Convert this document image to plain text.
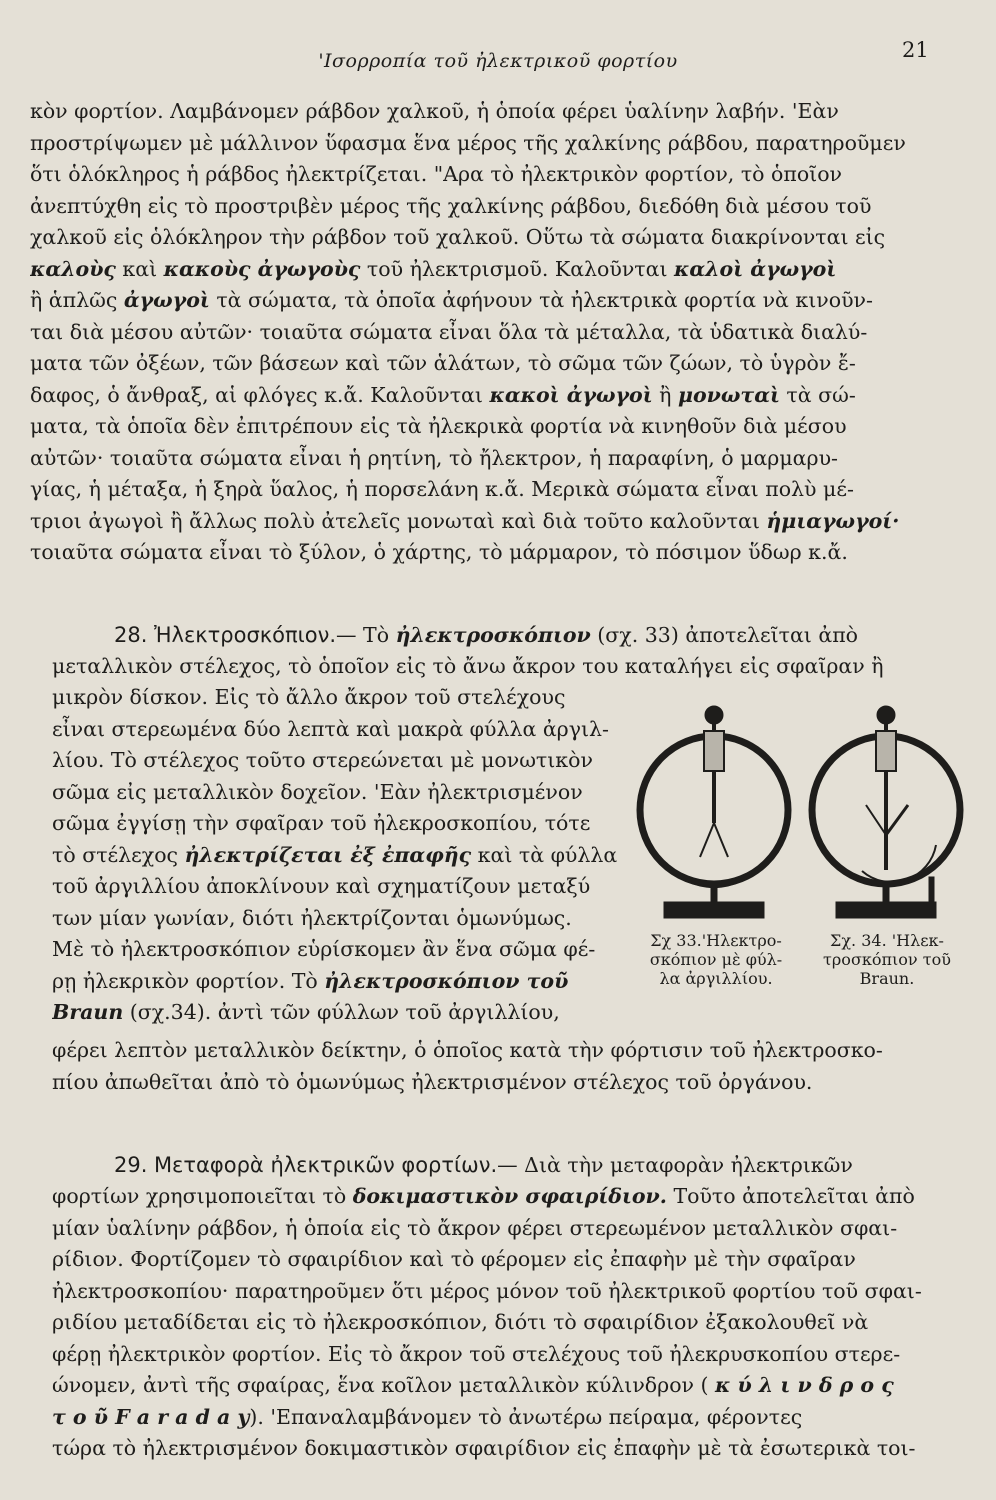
'Ισορροπία τοῦ ἠλεκτρικοῦ φορτίου	21
κὸν φορτίον. Λαμβάνομεν ράβδον χαλκοῦ, ἡ ὁποία φέρει ὑαλίνην λαβήν. 'Εὰν
προστρίψωμεν μὲ μάλλινον ὕφασμα ἕνα μέρος τῆς χαλκίνης ράβδου, παρατηροῦμεν
ὅτι ὁλόκληρος ἡ ράβδος ἠλεκτρίζεται. "Αρα τὸ ἠλεκτρικὸν φορτίον, τὸ ὁποῖον
ἀνεπτύχθη εἰς τὸ προστριβὲν μέρος τῆς χαλκίνης ράβδου, διεδόθη διὰ μέσου τοῦ
χαλκοῦ εἰς ὁλόκληρον τὴν ράβδον τοῦ χαλκοῦ. Οὕτω τὰ σώματα διακρίνονται εἰς
καλοὺς καὶ κακοὺς ἀγωγοὺς τοῦ ἠλεκτρισμοῦ. Καλοῦνται καλοὶ ἀγωγοὶ
ἢ ἁπλῶς ἀγωγοὶ τὰ σώματα, τὰ ὁποῖα ἀφήνουν τὰ ἠλεκτρικὰ φορτία νὰ κινοῦν-
ται διὰ μέσου αὐτῶν· τοιαῦτα σώματα εἶναι ὅλα τὰ μέταλλα, τὰ ὑδατικὰ διαλύ-
ματα τῶν ὀξέων, τῶν βάσεων καὶ τῶν ἁλάτων, τὸ σῶμα τῶν ζώων, τὸ ὑγρὸν ἔ-
δαφος, ὁ ἄνθραξ, αἱ φλόγες κ.ἄ. Καλοῦνται κακοὶ ἀγωγοὶ ἢ μονωταὶ τὰ σώ-
ματα, τὰ ὁποῖα δὲν ἐπιτρέπουν εἰς τὰ ἠλεκρικὰ φορτία νὰ κινηθοῦν διὰ μέσου
αὐτῶν· τοιαῦτα σώματα εἶναι ἡ ρητίνη, τὸ ἤλεκτρον, ἡ παραφίνη, ὁ μαρμαρυ-
γίας, ἡ μέταξα, ἡ ξηρὰ ὕαλος, ἡ πορσελάνη κ.ἄ. Μερικὰ σώματα εἶναι πολὺ μέ-
τριοι ἀγωγοὶ ἢ ἄλλως πολὺ ἀτελεῖς μονωταὶ καὶ διὰ τοῦτο καλοῦνται ἡμιαγωγοί·
τοιαῦτα σώματα εἶναι τὸ ξύλον, ὁ χάρτης, τὸ μάρμαρον, τὸ πόσιμον ὕδωρ κ.ἄ.
28. Ἠλεκτροσκόπιον.— Τὸ ἠλεκτροσκόπιον (σχ. 33) ἀποτελεῖται ἀπὸ
μεταλλικὸν στέλεχος, τὸ ὁποῖον εἰς τὸ ἄνω ἄκρον του καταλήγει εἰς σφαῖραν ἢ
μικρὸν δίσκον. Εἰς τὸ ἄλλο ἄκρον τοῦ στελέχους
εἶναι στερεωμένα δύο λεπτὰ καὶ μακρὰ φύλλα ἀργιλ-
λίου. Τὸ στέλεχος τοῦτο στερεώνεται μὲ μονωτικὸν
σῶμα εἰς μεταλλικὸν δοχεῖον. 'Εὰν ἠλεκτρισμένον
σῶμα ἐγγίσῃ τὴν σφαῖραν τοῦ ἠλεκροσκοπίου, τότε
τὸ στέλεχος ἠλεκτρίζεται ἐξ ἐπαφῆς καὶ τὰ φύλλα
τοῦ ἀργιλλίου ἀποκλίνουν καὶ σχηματίζουν μεταξύ
των μίαν γωνίαν, διότι ἠλεκτρίζονται ὁμωνύμως.
Μὲ τὸ ἠλεκτροσκόπιον εὑρίσκομεν ἂν ἕνα σῶμα φέ-
ρῃ ἠλεκρικὸν φορτίον. Τὸ ἠλεκτροσκόπιον τοῦ
Braun (σχ.34). ἀντὶ τῶν φύλλων τοῦ ἀργιλλίου,
φέρει λεπτὸν μεταλλικὸν δείκτην, ὁ ὁποῖος κατὰ τὴν φόρτισιν τοῦ ἠλεκτροσκο-
πίου ἀπωθεῖται ἀπὸ τὸ ὁμωνύμως ἠλεκτρισμένον στέλεχος τοῦ ὀργάνου.
Σχ 33.'Ηλεκτρο-
σκόπιον μὲ φύλ-
λα ἀργιλλίου.
Σχ. 34. 'Ηλεκ-
τροσκόπιον τοῦ
Braun.
29. Μεταφορὰ ἠλεκτρικῶν φορτίων.— Διὰ τὴν μεταφορὰν ἠλεκτρικῶν
φορτίων χρησιμοποιεῖται τὸ δοκιμαστικὸν σφαιρίδιον. Τοῦτο ἀποτελεῖται ἀπὸ
μίαν ὑαλίνην ράβδον, ἡ ὁποία εἰς τὸ ἄκρον φέρει στερεωμένον μεταλλικὸν σφαι-
ρίδιον. Φορτίζομεν τὸ σφαιρίδιον καὶ τὸ φέρομεν εἰς ἐπαφὴν μὲ τὴν σφαῖραν
ἠλεκτροσκοπίου· παρατηροῦμεν ὅτι μέρος μόνον τοῦ ἠλεκτρικοῦ φορτίου τοῦ σφαι-
ριδίου μεταδίδεται εἰς τὸ ἠλεκροσκόπιον, διότι τὸ σφαιρίδιον ἐξακολουθεῖ νὰ
φέρῃ ἠλεκτρικὸν φορτίον. Εἰς τὸ ἄκρον τοῦ στελέχους τοῦ ἠλεκρυσκοπίου στερε-
ώνομεν, ἀντὶ τῆς σφαίρας, ἕνα κοῖλον μεταλλικὸν κύλινδρον ( κ ύ λ ι ν δ ρ ο ς
τ ο ῦ F a r a d a y). 'Επαναλαμβάνομεν τὸ ἀνωτέρω πείραμα, φέροντες
τώρα τὸ ἠλεκτρισμένον δοκιμαστικὸν σφαιρίδιον εἰς ἐπαφὴν μὲ τὰ ἐσωτερικὰ τοι-
